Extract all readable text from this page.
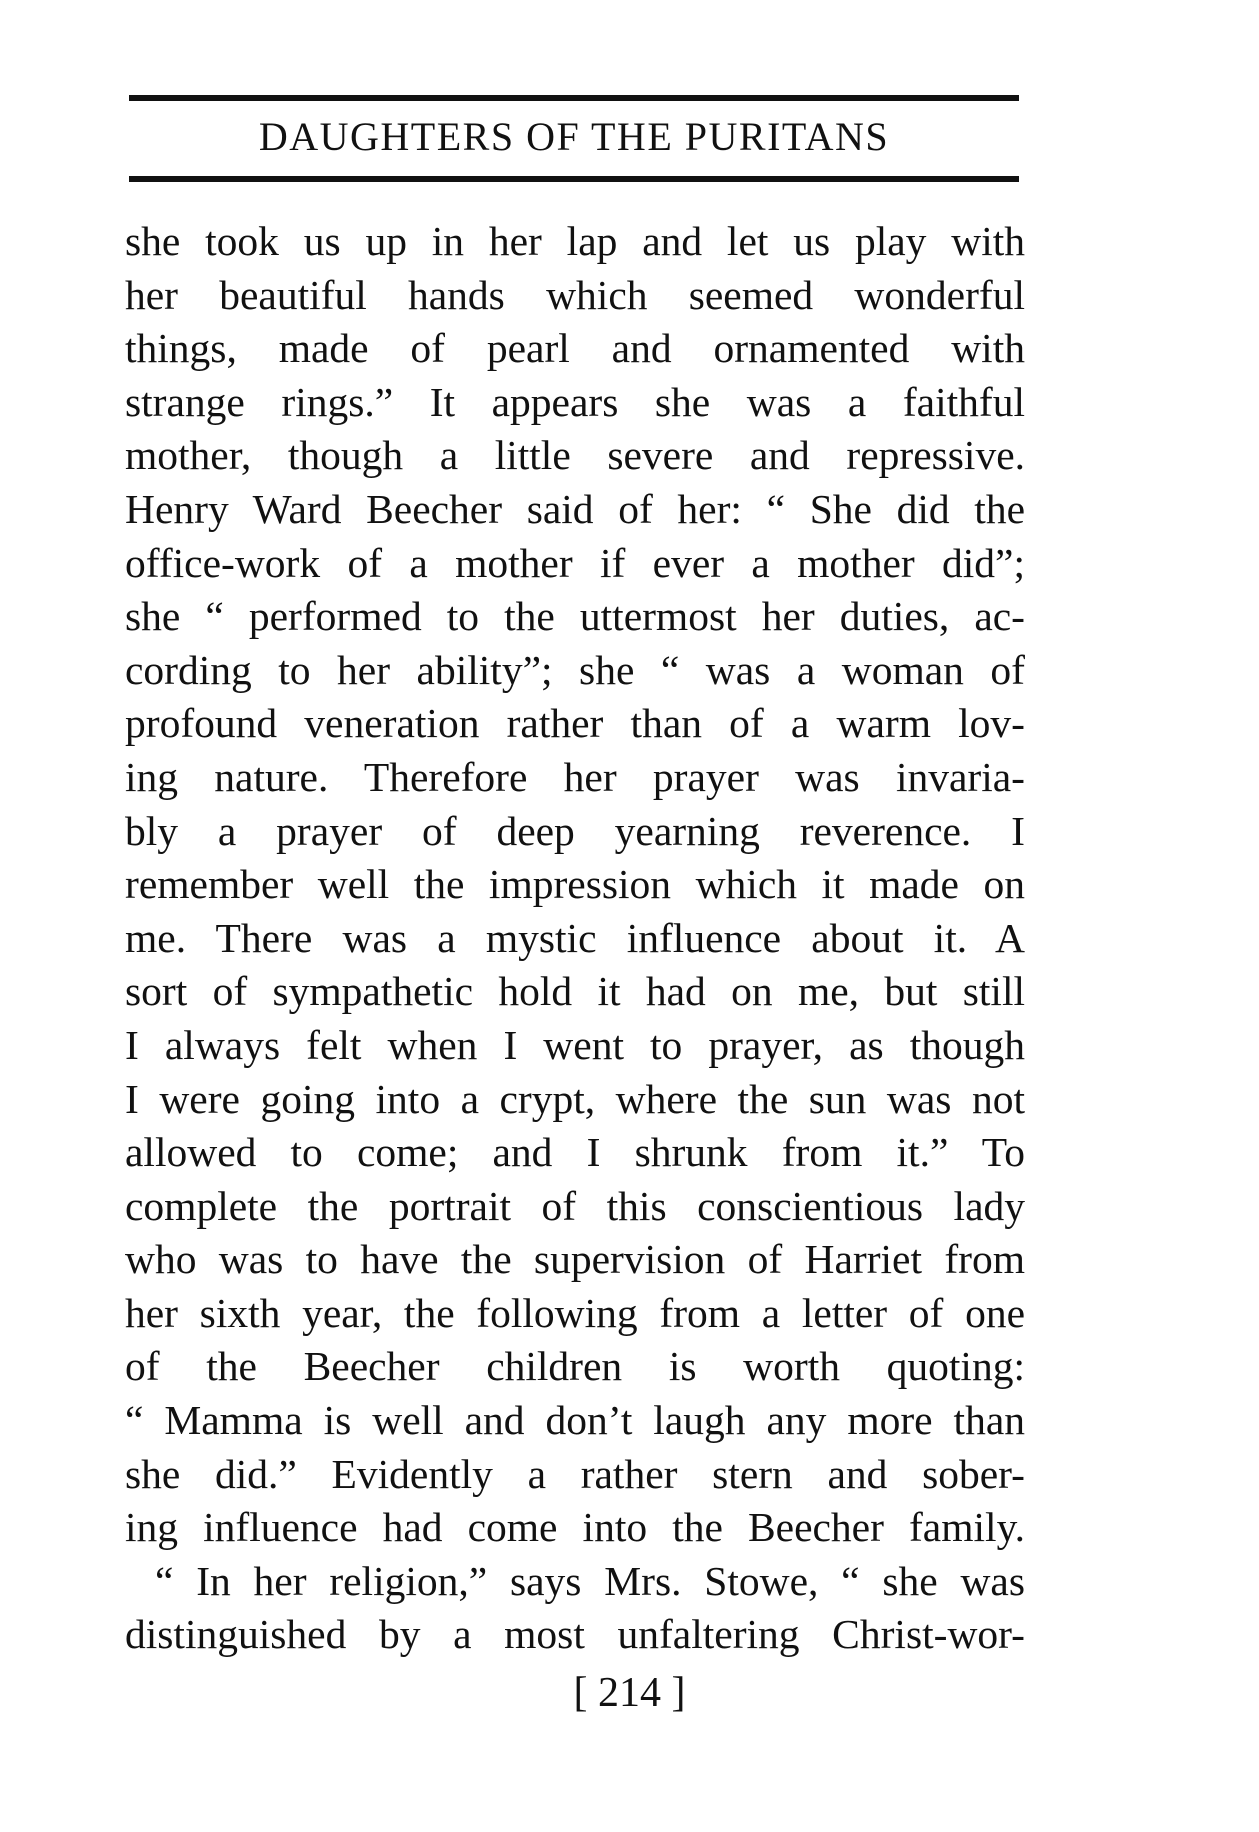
DAUGHTERS OF THE PURITANS
she took us up in her lap and let us play with
her beautiful hands which seemed wonderful
things, made of pearl and ornamented with
strange rings.” It appears she was a faithful
mother, though a little severe and repressive.
Henry Ward Beecher said of her: “ She did the
office-work of a mother if ever a mother did”;
she “ performed to the uttermost her duties, ac-
cording to her ability”; she “ was a woman of
profound veneration rather than of a warm lov-
ing nature. Therefore her prayer was invaria-
bly a prayer of deep yearning reverence. I
remember well the impression which it made on
me. There was a mystic influence about it. A
sort of sympathetic hold it had on me, but still
I always felt when I went to prayer, as though
I were going into a crypt, where the sun was not
allowed to come; and I shrunk from it.” To
complete the portrait of this conscientious lady
who was to have the supervision of Harriet from
her sixth year, the following from a letter of one
of the Beecher children is worth quoting:
“ Mamma is well and don’t laugh any more than
she did.” Evidently a rather stern and sober-
ing influence had come into the Beecher family.
“ In her religion,” says Mrs. Stowe, “ she was
distinguished by a most unfaltering Christ-wor-
[ 214 ]
